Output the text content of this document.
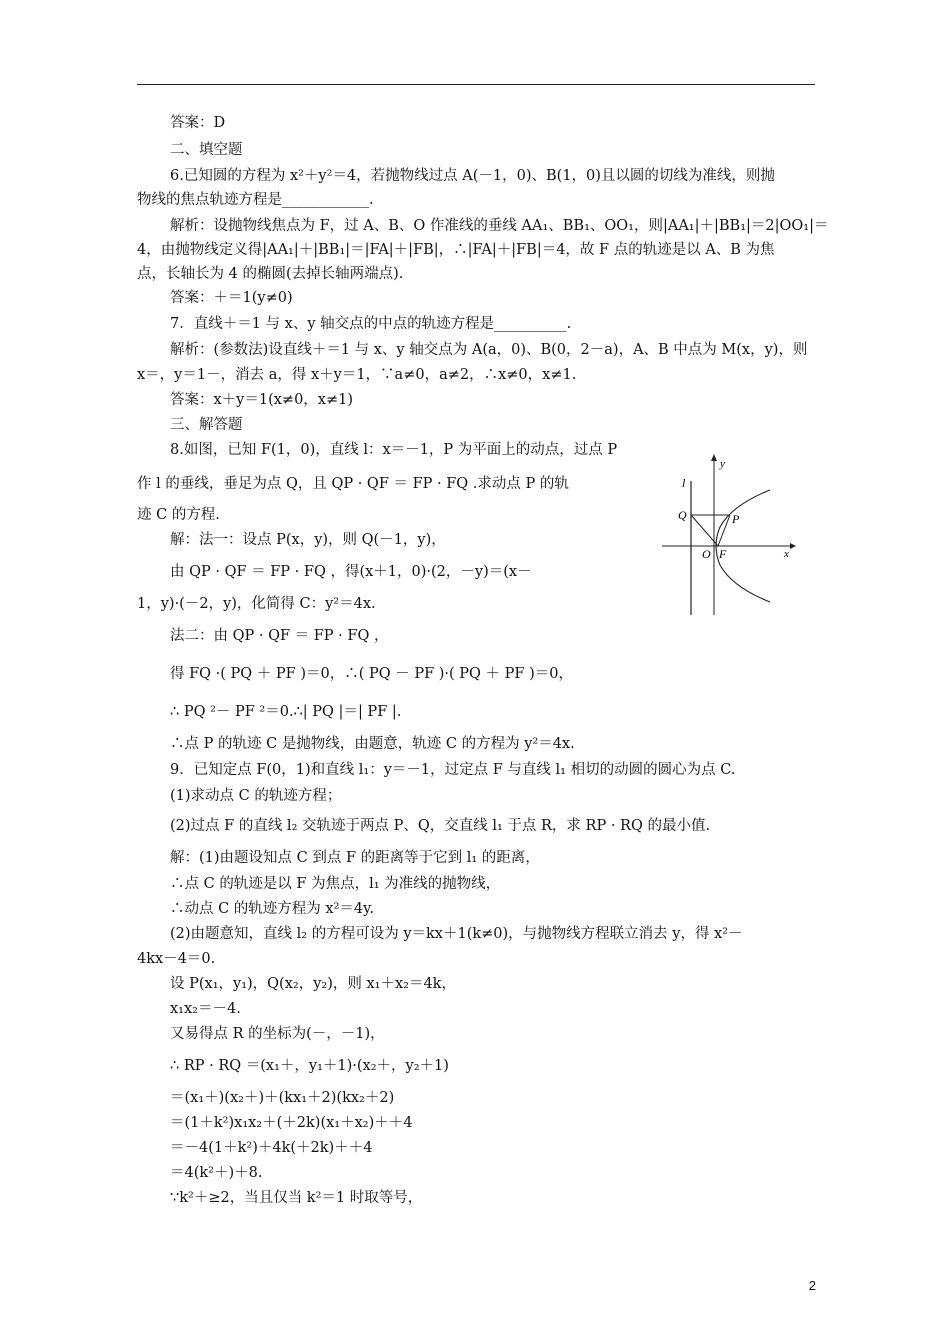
答案：D
二、填空题
6.已知圆的方程为 x²＋y²＝4，若抛物线过点 A(－1，0)、B(1，0)且以圆的切线为准线，则抛
物线的焦点轨迹方程是____________.
解析：设抛物线焦点为 F，过 A、B、O 作准线的垂线 AA₁、BB₁、OO₁，则|AA₁|＋|BB₁|＝2|OO₁|＝
4，由抛物线定义得|AA₁|＋|BB₁|＝|FA|＋|FB|，∴|FA|＋|FB|＝4，故 F 点的轨迹是以 A、B 为焦
点，长轴长为 4 的椭圆(去掉长轴两端点).
答案：＋＝1(y≠0)
7．直线＋＝1 与 x、y 轴交点的中点的轨迹方程是__________.
解析：(参数法)设直线＋＝1 与 x、y 轴交点为 A(a，0)、B(0，2－a)，A、B 中点为 M(x，y)，则
x＝，y＝1－，消去 a，得 x＋y＝1，∵a≠0，a≠2，∴x≠0，x≠1.
答案：x＋y＝1(x≠0，x≠1)
三、解答题
8.如图，已知 F(1，0)，直线 l：x＝－1，P 为平面上的动点，过点 P
作 l 的垂线，垂足为点 Q，且 QP · QF ＝ FP · FQ .求动点 P 的轨
迹 C 的方程.
解：法一：设点 P(x，y)，则 Q(－1，y)，
由 QP · QF ＝ FP · FQ ，得(x＋1，0)·(2，－y)＝(x－
1，y)·(－2，y)，化简得 C：y²＝4x.
法二：由 QP · QF ＝ FP · FQ ，
得 FQ ·( PQ ＋ PF )＝0，∴( PQ － PF )·( PQ ＋ PF )＝0，
∴ PQ ²－ PF ²＝0.∴| PQ |＝| PF |.
∴点 P 的轨迹 C 是抛物线，由题意，轨迹 C 的方程为 y²＝4x.
9．已知定点 F(0，1)和直线 l₁：y＝－1，过定点 F 与直线 l₁ 相切的动圆的圆心为点 C.
(1)求动点 C 的轨迹方程；
(2)过点 F 的直线 l₂ 交轨迹于两点 P、Q，交直线 l₁ 于点 R，求 RP · RQ 的最小值.
解：(1)由题设知点 C 到点 F 的距离等于它到 l₁ 的距离，
∴点 C 的轨迹是以 F 为焦点，l₁ 为准线的抛物线，
∴动点 C 的轨迹方程为 x²＝4y.
(2)由题意知，直线 l₂ 的方程可设为 y＝kx＋1(k≠0)，与抛物线方程联立消去 y，得 x²－
4kx－4＝0.
设 P(x₁，y₁)，Q(x₂，y₂)，则 x₁＋x₂＝4k，
x₁x₂＝－4.
又易得点 R 的坐标为(－，－1)，
∴ RP · RQ ＝(x₁＋，y₁＋1)·(x₂＋，y₂＋1)
＝(x₁＋)(x₂＋)＋(kx₁＋2)(kx₂＋2)
＝(1＋k²)x₁x₂＋(＋2k)(x₁＋x₂)＋＋4
＝－4(1＋k²)＋4k(＋2k)＋＋4
＝4(k²＋)＋8.
∵k²＋≥2，当且仅当 k²＝1 时取等号，
y
l
Q	P
O F	x
2
